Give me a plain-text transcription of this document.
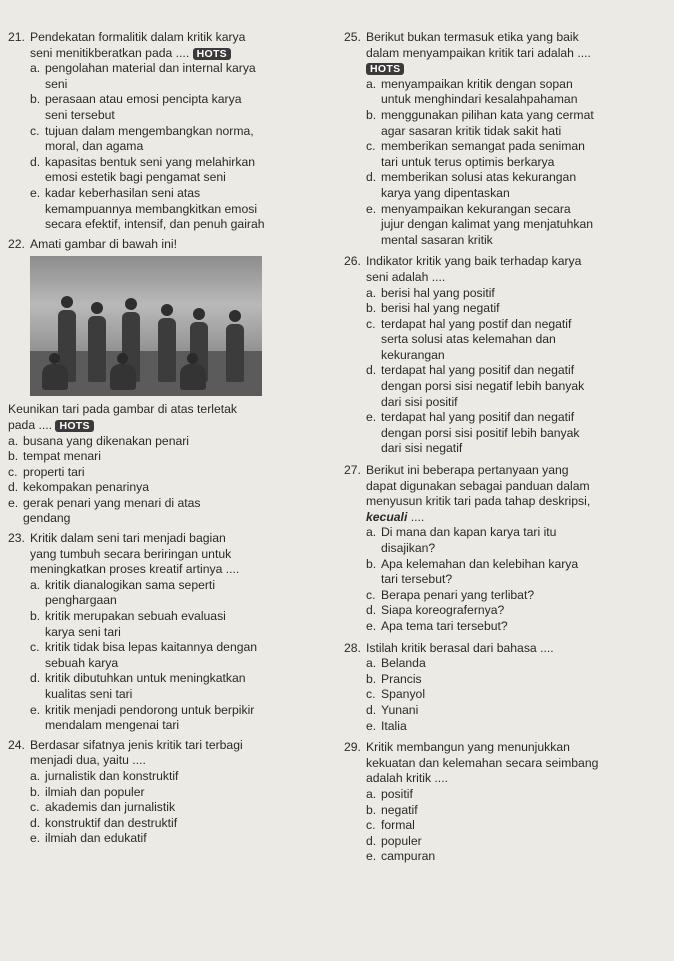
21. Pendekatan formalitik dalam kritik karya
seni menitikberatkan pada .... HOTS
a. pengolahan material dan internal karya
seni
b. perasaan atau emosi pencipta karya
seni tersebut
c. tujuan dalam mengembangkan norma,
moral, dan agama
d. kapasitas bentuk seni yang melahirkan
emosi estetik bagi pengamat seni
e. kadar keberhasilan seni atas
kemampuannya membangkitkan emosi
secara efektif, intensif, dan penuh gairah
22. Amati gambar di bawah ini!
Keunikan tari pada gambar di atas terletak
pada .... HOTS
a. busana yang dikenakan penari
b. tempat menari
c. properti tari
d. kekompakan penarinya
e. gerak penari yang menari di atas
gendang
23. Kritik dalam seni tari menjadi bagian
yang tumbuh secara beriringan untuk
meningkatkan proses kreatif artinya ....
a. kritik dianalogikan sama seperti
penghargaan
b. kritik merupakan sebuah evaluasi
karya seni tari
c. kritik tidak bisa lepas kaitannya dengan
sebuah karya
d. kritik dibutuhkan untuk meningkatkan
kualitas seni tari
e. kritik menjadi pendorong untuk berpikir
mendalam mengenai tari
24. Berdasar sifatnya jenis kritik tari terbagi
menjadi dua, yaitu ....
a. jurnalistik dan konstruktif
b. ilmiah dan populer
c. akademis dan jurnalistik
d. konstruktif dan destruktif
e. ilmiah dan edukatif
25. Berikut bukan termasuk etika yang baik
dalam menyampaikan kritik tari adalah ....
HOTS
a. menyampaikan kritik dengan sopan
untuk menghindari kesalahpahaman
b. menggunakan pilihan kata yang cermat
agar sasaran kritik tidak sakit hati
c. memberikan semangat pada seniman
tari untuk terus optimis berkarya
d. memberikan solusi atas kekurangan
karya yang dipentaskan
e. menyampaikan kekurangan secara
jujur dengan kalimat yang menjatuhkan
mental sasaran kritik
26. Indikator kritik yang baik terhadap karya
seni adalah ....
a. berisi hal yang positif
b. berisi hal yang negatif
c. terdapat hal yang postif dan negatif
serta solusi atas kelemahan dan
kekurangan
d. terdapat hal yang positif dan negatif
dengan porsi sisi negatif lebih banyak
dari sisi positif
e. terdapat hal yang positif dan negatif
dengan porsi sisi positif lebih banyak
dari sisi negatif
27. Berikut ini beberapa pertanyaan yang
dapat digunakan sebagai panduan dalam
menyusun kritik tari pada tahap deskripsi,
kecuali ....
a. Di mana dan kapan karya tari itu
disajikan?
b. Apa kelemahan dan kelebihan karya
tari tersebut?
c. Berapa penari yang terlibat?
d. Siapa koreografernya?
e. Apa tema tari tersebut?
28. Istilah kritik berasal dari bahasa ....
a. Belanda
b. Prancis
c. Spanyol
d. Yunani
e. Italia
29. Kritik membangun yang menunjukkan
kekuatan dan kelemahan secara seimbang
adalah kritik ....
a. positif
b. negatif
c. formal
d. populer
e. campuran
